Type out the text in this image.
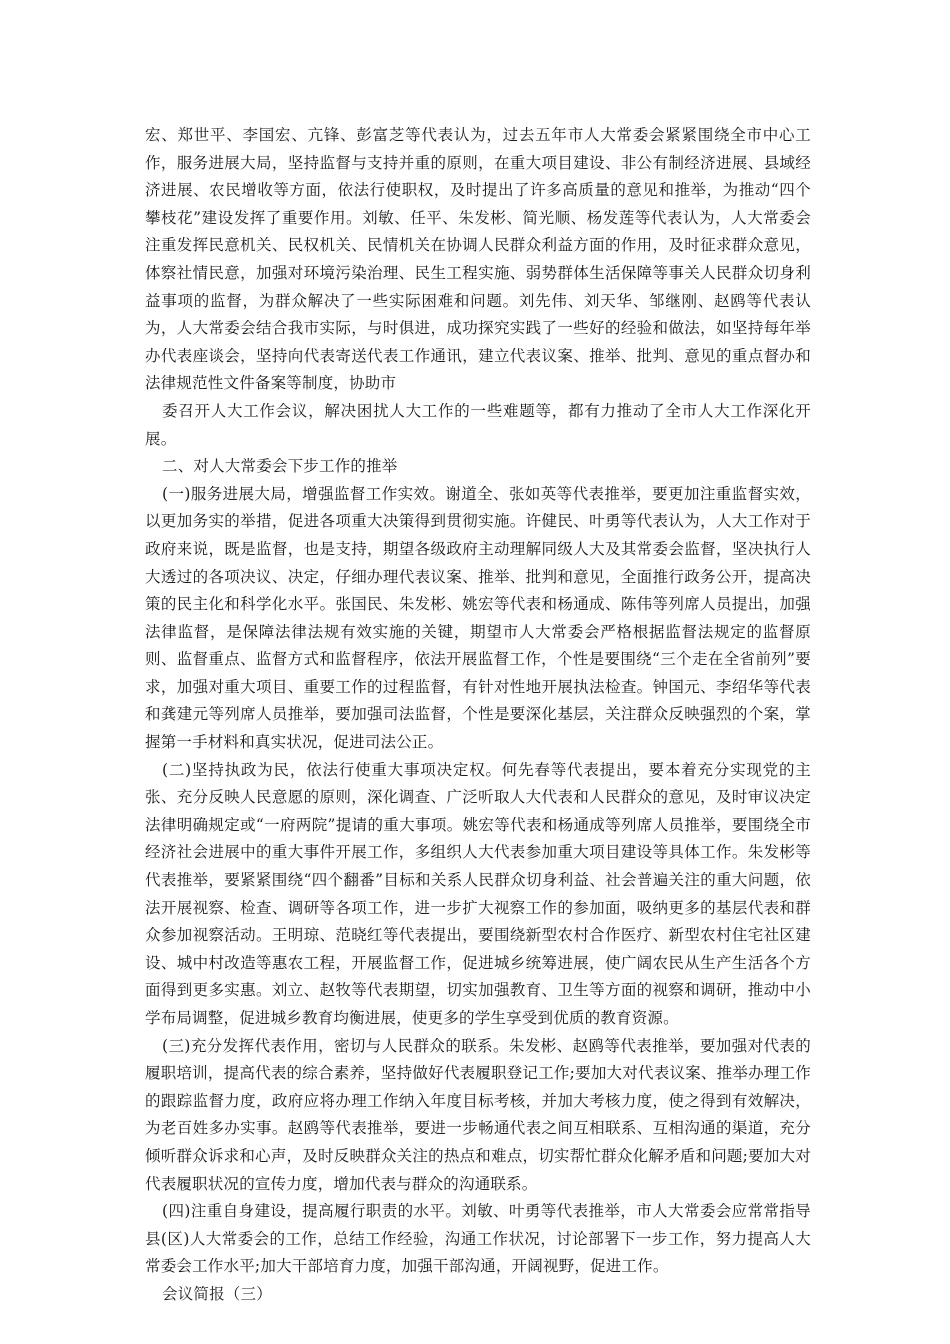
宏、郑世平、李国宏、亢锋、彭富芝等代表认为，过去五年市人大常委会紧紧围绕全市中心工作，服务进展大局，坚持监督与支持并重的原则，在重大项目建设、非公有制经济进展、县域经济进展、农民增收等方面，依法行使职权，及时提出了许多高质量的意见和推举，为推动“四个攀枝花”建设发挥了重要作用。刘敏、任平、朱发彬、简光顺、杨发莲等代表认为，人大常委会注重发挥民意机关、民权机关、民情机关在协调人民群众利益方面的作用，及时征求群众意见，体察社情民意，加强对环境污染治理、民生工程实施、弱势群体生活保障等事关人民群众切身利益事项的监督，为群众解决了一些实际困难和问题。刘先伟、刘天华、邹继刚、赵鸥等代表认为，人大常委会结合我市实际，与时俱进，成功探究实践了一些好的经验和做法，如坚持每年举办代表座谈会，坚持向代表寄送代表工作通讯，建立代表议案、推举、批判、意见的重点督办和法律规范性文件备案等制度，协助市

委召开人大工作会议，解决困扰人大工作的一些难题等，都有力推动了全市人大工作深化开展。

二、对人大常委会下步工作的推举

(一)服务进展大局，增强监督工作实效。谢道全、张如英等代表推举，要更加注重监督实效，以更加务实的举措，促进各项重大决策得到贯彻实施。许健民、叶勇等代表认为，人大工作对于政府来说，既是监督，也是支持，期望各级政府主动理解同级人大及其常委会监督，坚决执行人大透过的各项决议、决定，仔细办理代表议案、推举、批判和意见，全面推行政务公开，提高决策的民主化和科学化水平。张国民、朱发彬、姚宏等代表和杨通成、陈伟等列席人员提出，加强法律监督，是保障法律法规有效实施的关键，期望市人大常委会严格根据监督法规定的监督原则、监督重点、监督方式和监督程序，依法开展监督工作，个性是要围绕“三个走在全省前列”要求，加强对重大项目、重要工作的过程监督，有针对性地开展执法检查。钟国元、李绍华等代表和龚建元等列席人员推举，要加强司法监督，个性是要深化基层，关注群众反映强烈的个案，掌握第一手材料和真实状况，促进司法公正。

(二)坚持执政为民，依法行使重大事项决定权。何先春等代表提出，要本着充分实现党的主张、充分反映人民意愿的原则，深化调查、广泛听取人大代表和人民群众的意见，及时审议决定法律明确规定或“一府两院”提请的重大事项。姚宏等代表和杨通成等列席人员推举，要围绕全市经济社会进展中的重大事件开展工作，多组织人大代表参加重大项目建设等具体工作。朱发彬等代表推举，要紧紧围绕“四个翻番”目标和关系人民群众切身利益、社会普遍关注的重大问题，依法开展视察、检查、调研等各项工作，进一步扩大视察工作的参加面，吸纳更多的基层代表和群众参加视察活动。王明琼、范晓红等代表提出，要围绕新型农村合作医疗、新型农村住宅社区建设、城中村改造等惠农工程，开展监督工作，促进城乡统筹进展，使广阔农民从生产生活各个方面得到更多实惠。刘立、赵牧等代表期望，切实加强教育、卫生等方面的视察和调研，推动中小学布局调整，促进城乡教育均衡进展，使更多的学生享受到优质的教育资源。

(三)充分发挥代表作用，密切与人民群众的联系。朱发彬、赵鸥等代表推举，要加强对代表的履职培训，提高代表的综合素养，坚持做好代表履职登记工作;要加大对代表议案、推举办理工作的跟踪监督力度，政府应将办理工作纳入年度目标考核，并加大考核力度，使之得到有效解决，为老百姓多办实事。赵鸥等代表推举，要进一步畅通代表之间互相联系、互相沟通的渠道，充分倾听群众诉求和心声，及时反映群众关注的热点和难点，切实帮忙群众化解矛盾和问题;要加大对代表履职状况的宣传力度，增加代表与群众的沟通联系。

(四)注重自身建设，提高履行职责的水平。刘敏、叶勇等代表推举，市人大常委会应常常指导县(区)人大常委会的工作，总结工作经验，沟通工作状况，讨论部署下一步工作，努力提高人大常委会工作水平;加大干部培育力度，加强干部沟通，开阔视野，促进工作。

会议简报（三）
